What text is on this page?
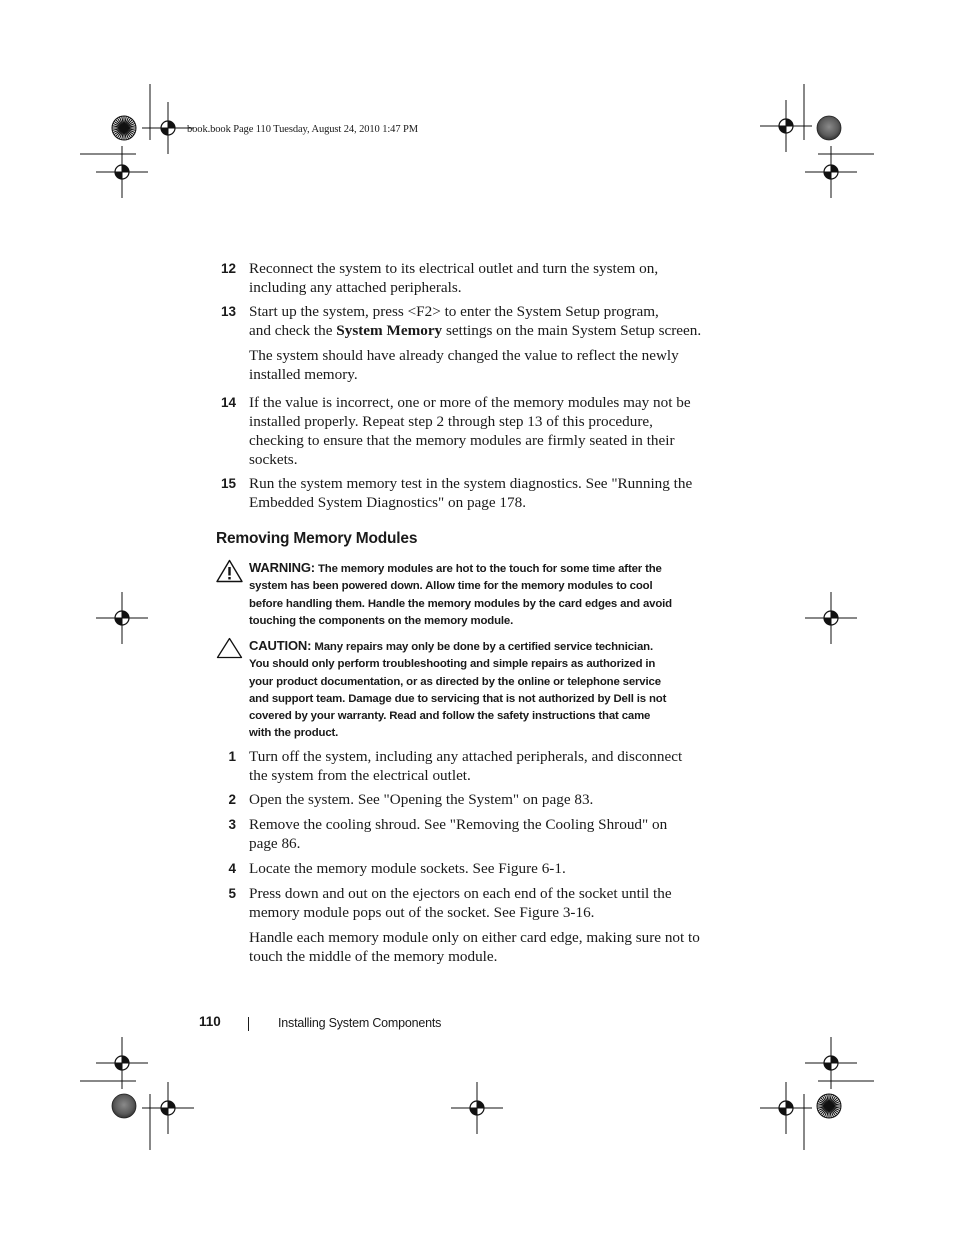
book.book Page 110 Tuesday, August 24, 2010 1:47 PM
12 Reconnect the system to its electrical outlet and turn the system on,
including any attached peripherals.
13 Start up the system, press <F2> to enter the System Setup program,
and check the System Memory settings on the main System Setup screen.
The system should have already changed the value to reflect the newly
installed memory.
14 If the value is incorrect, one or more of the memory modules may not be
installed properly. Repeat step 2 through step 13 of this procedure,
checking to ensure that the memory modules are firmly seated in their
sockets.
15 Run the system memory test in the system diagnostics. See "Running the
Embedded System Diagnostics" on page 178.
Removing Memory Modules
WARNING: The memory modules are hot to the touch for some time after the
system has been powered down. Allow time for the memory modules to cool
before handling them. Handle the memory modules by the card edges and avoid
touching the components on the memory module.
CAUTION: Many repairs may only be done by a certified service technician.
You should only perform troubleshooting and simple repairs as authorized in
your product documentation, or as directed by the online or telephone service
and support team. Damage due to servicing that is not authorized by Dell is not
covered by your warranty. Read and follow the safety instructions that came
with the product.
1 Turn off the system, including any attached peripherals, and disconnect
the system from the electrical outlet.
2 Open the system. See "Opening the System" on page 83.
3 Remove the cooling shroud. See "Removing the Cooling Shroud" on
page 86.
4 Locate the memory module sockets. See Figure 6-1.
5 Press down and out on the ejectors on each end of the socket until the
memory module pops out of the socket. See Figure 3-16.
Handle each memory module only on either card edge, making sure not to
touch the middle of the memory module.
110	Installing System Components
